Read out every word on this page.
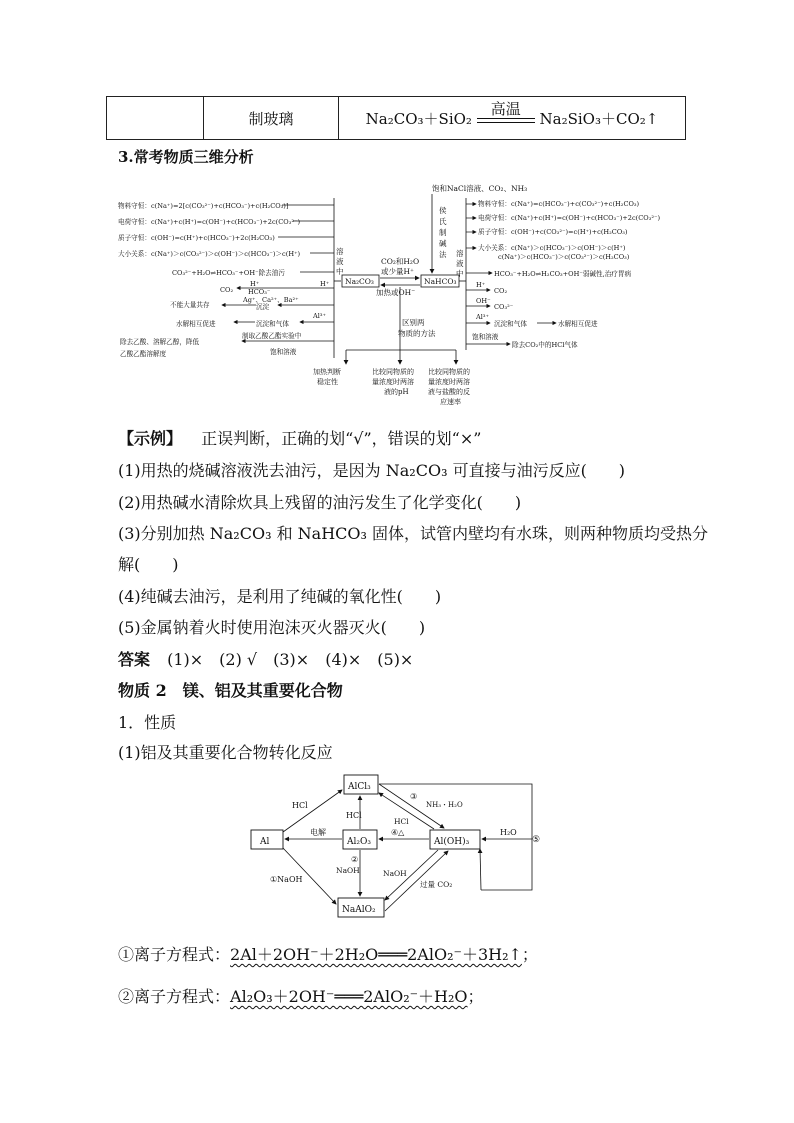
	制玻璃	Na₂CO₃＋SiO₂
高温
Na₂SiO₃＋CO₂↑
3.常考物质三维分析
饱和NaCl溶液、CO₂、NH₃
侯
氏
制
碱
法
Na₂CO₃	NaHCO₃
CO₂和H₂O
或少量H⁺
加热或OH⁻
溶
液
中
物料守恒：c(Na⁺)=2[c(CO₃²⁻)+c(HCO₃⁻)+c(H₂CO₃)]
电荷守恒：c(Na⁺)+c(H⁺)=c(OH⁻)+c(HCO₃⁻)+2c(CO₃²⁻)
质子守恒：c(OH⁻)=c(H⁺)+c(HCO₃⁻)+2c(H₂CO₃)
大小关系：c(Na⁺)＞c(CO₃²⁻)＞c(OH⁻)＞c(HCO₃⁻)＞c(H⁺)
CO₃²⁻+H₂O⇌HCO₃⁻+OH⁻除去油污
CO₂
H⁺
HCO₃⁻
H⁺
Ag⁺、Ca²⁺、Ba²⁺
Al³⁺
不能大量共存	沉淀
水解相互促进	沉淀和气体
除去乙酸、溶解乙醇，降低
乙酸乙酯溶解度
制取乙酸乙酯实验中
饱和溶液
溶
液
中
物料守恒：c(Na⁺)=c(HCO₃⁻)+c(CO₃²⁻)+c(H₂CO₃)
电荷守恒：c(Na⁺)+c(H⁺)=c(OH⁻)+c(HCO₃⁻)+2c(CO₃²⁻)
质子守恒：c(OH⁻)+c(CO₃²⁻)=c(H⁺)+c(H₂CO₃)
大小关系：c(Na⁺)＞c(HCO₃⁻)＞c(OH⁻)＞c(H⁺)
c(Na⁺)＞c(HCO₃⁻)＞c(CO₃²⁻)＞c(H₂CO₃)
HCO₃⁻+H₂O⇌H₂CO₃+OH⁻弱碱性,治疗胃病
H⁺
CO₂
OH⁻
CO₃²⁻
Al³⁺
沉淀和气体	水解相互促进
饱和溶液
除去CO₂中的HCl气体
区别两
物质的方法
加热判断
稳定性
比较同物质的
量浓度时两溶
液的pH
比较同物质的
量浓度时两溶
液与盐酸的反
应速率
【示例】 正误判断，正确的划“√”，错误的划“×”
(1)用热的烧碱溶液洗去油污，是因为 Na₂CO₃ 可直接与油污反应(　　)
(2)用热碱水清除炊具上残留的油污发生了化学变化(　　)
(3)分别加热 Na₂CO₃ 和 NaHCO₃ 固体，试管内壁均有水珠，则两种物质均受热分
解(　　)
(4)纯碱去油污，是利用了纯碱的氧化性(　　)
(5)金属钠着火时使用泡沫灭火器灭火(　　)
答案 (1)×　(2) √　(3)×　(4)×　(5)×
物质 2　镁、铝及其重要化合物
1．性质
(1)铝及其重要化合物转化反应
AlCl₃
Al	Al₂O₃	Al(OH)₃
NaAlO₂
HCl
HCl
电解	④△
③
NH₃・H₂O
HCl
②
NaOH
①NaOH
NaOH
过量 CO₂
H₂O
⑤
①离子方程式：2Al＋2OH⁻＋2H₂O═══2AlO₂⁻＋3H₂↑；
②离子方程式：Al₂O₃＋2OH⁻═══2AlO₂⁻＋H₂O；
